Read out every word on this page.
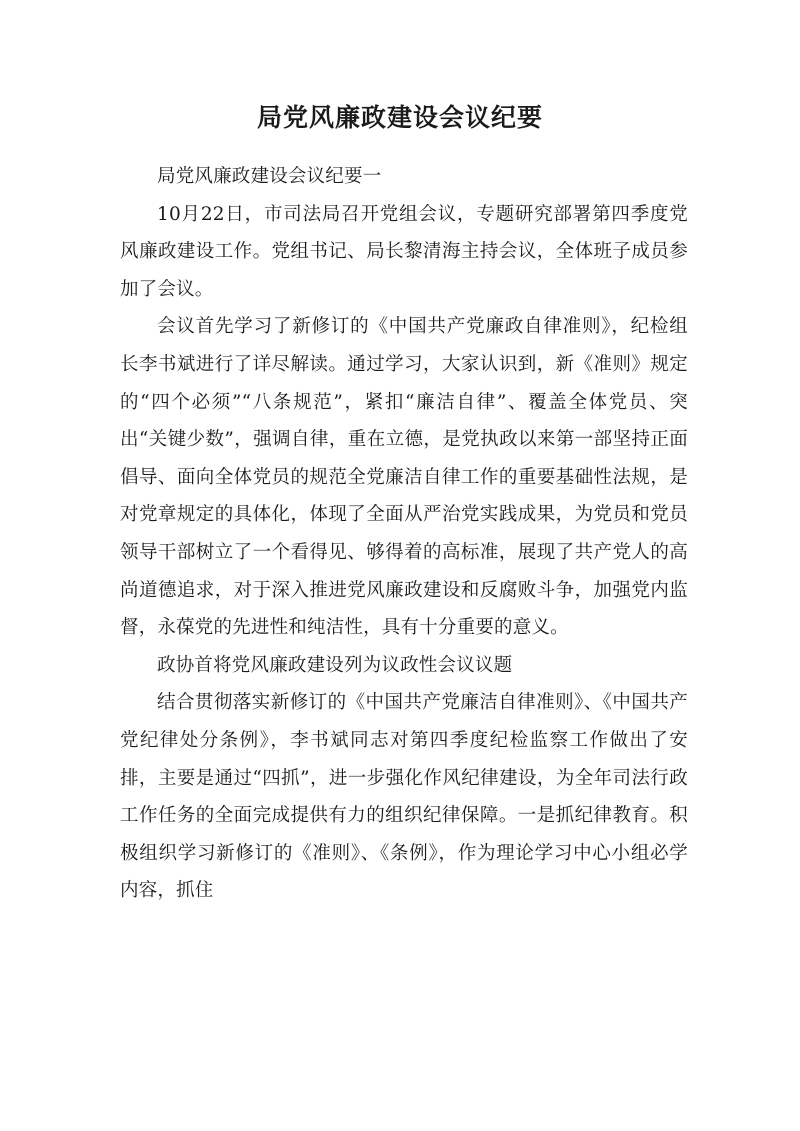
局党风廉政建设会议纪要

局党风廉政建设会议纪要一

10月22日，市司法局召开党组会议，专题研究部署第四季度党风廉政建设工作。党组书记、局长黎清海主持会议，全体班子成员参加了会议。

会议首先学习了新修订的《中国共产党廉政自律准则》，纪检组长李书斌进行了详尽解读。通过学习，大家认识到，新《准则》规定的“四个必须”“八条规范”，紧扣“廉洁自律”、覆盖全体党员、突出“关键少数”，强调自律，重在立德，是党执政以来第一部坚持正面倡导、面向全体党员的规范全党廉洁自律工作的重要基础性法规，是对党章规定的具体化，体现了全面从严治党实践成果，为党员和党员领导干部树立了一个看得见、够得着的高标准，展现了共产党人的高尚道德追求，对于深入推进党风廉政建设和反腐败斗争，加强党内监督，永葆党的先进性和纯洁性，具有十分重要的意义。

政协首将党风廉政建设列为议政性会议议题

结合贯彻落实新修订的《中国共产党廉洁自律准则》、《中国共产党纪律处分条例》，李书斌同志对第四季度纪检监察工作做出了安排，主要是通过“四抓”，进一步强化作风纪律建设，为全年司法行政工作任务的全面完成提供有力的组织纪律保障。一是抓纪律教育。积极组织学习新修订的《准则》、《条例》，作为理论学习中心小组必学内容，抓住
